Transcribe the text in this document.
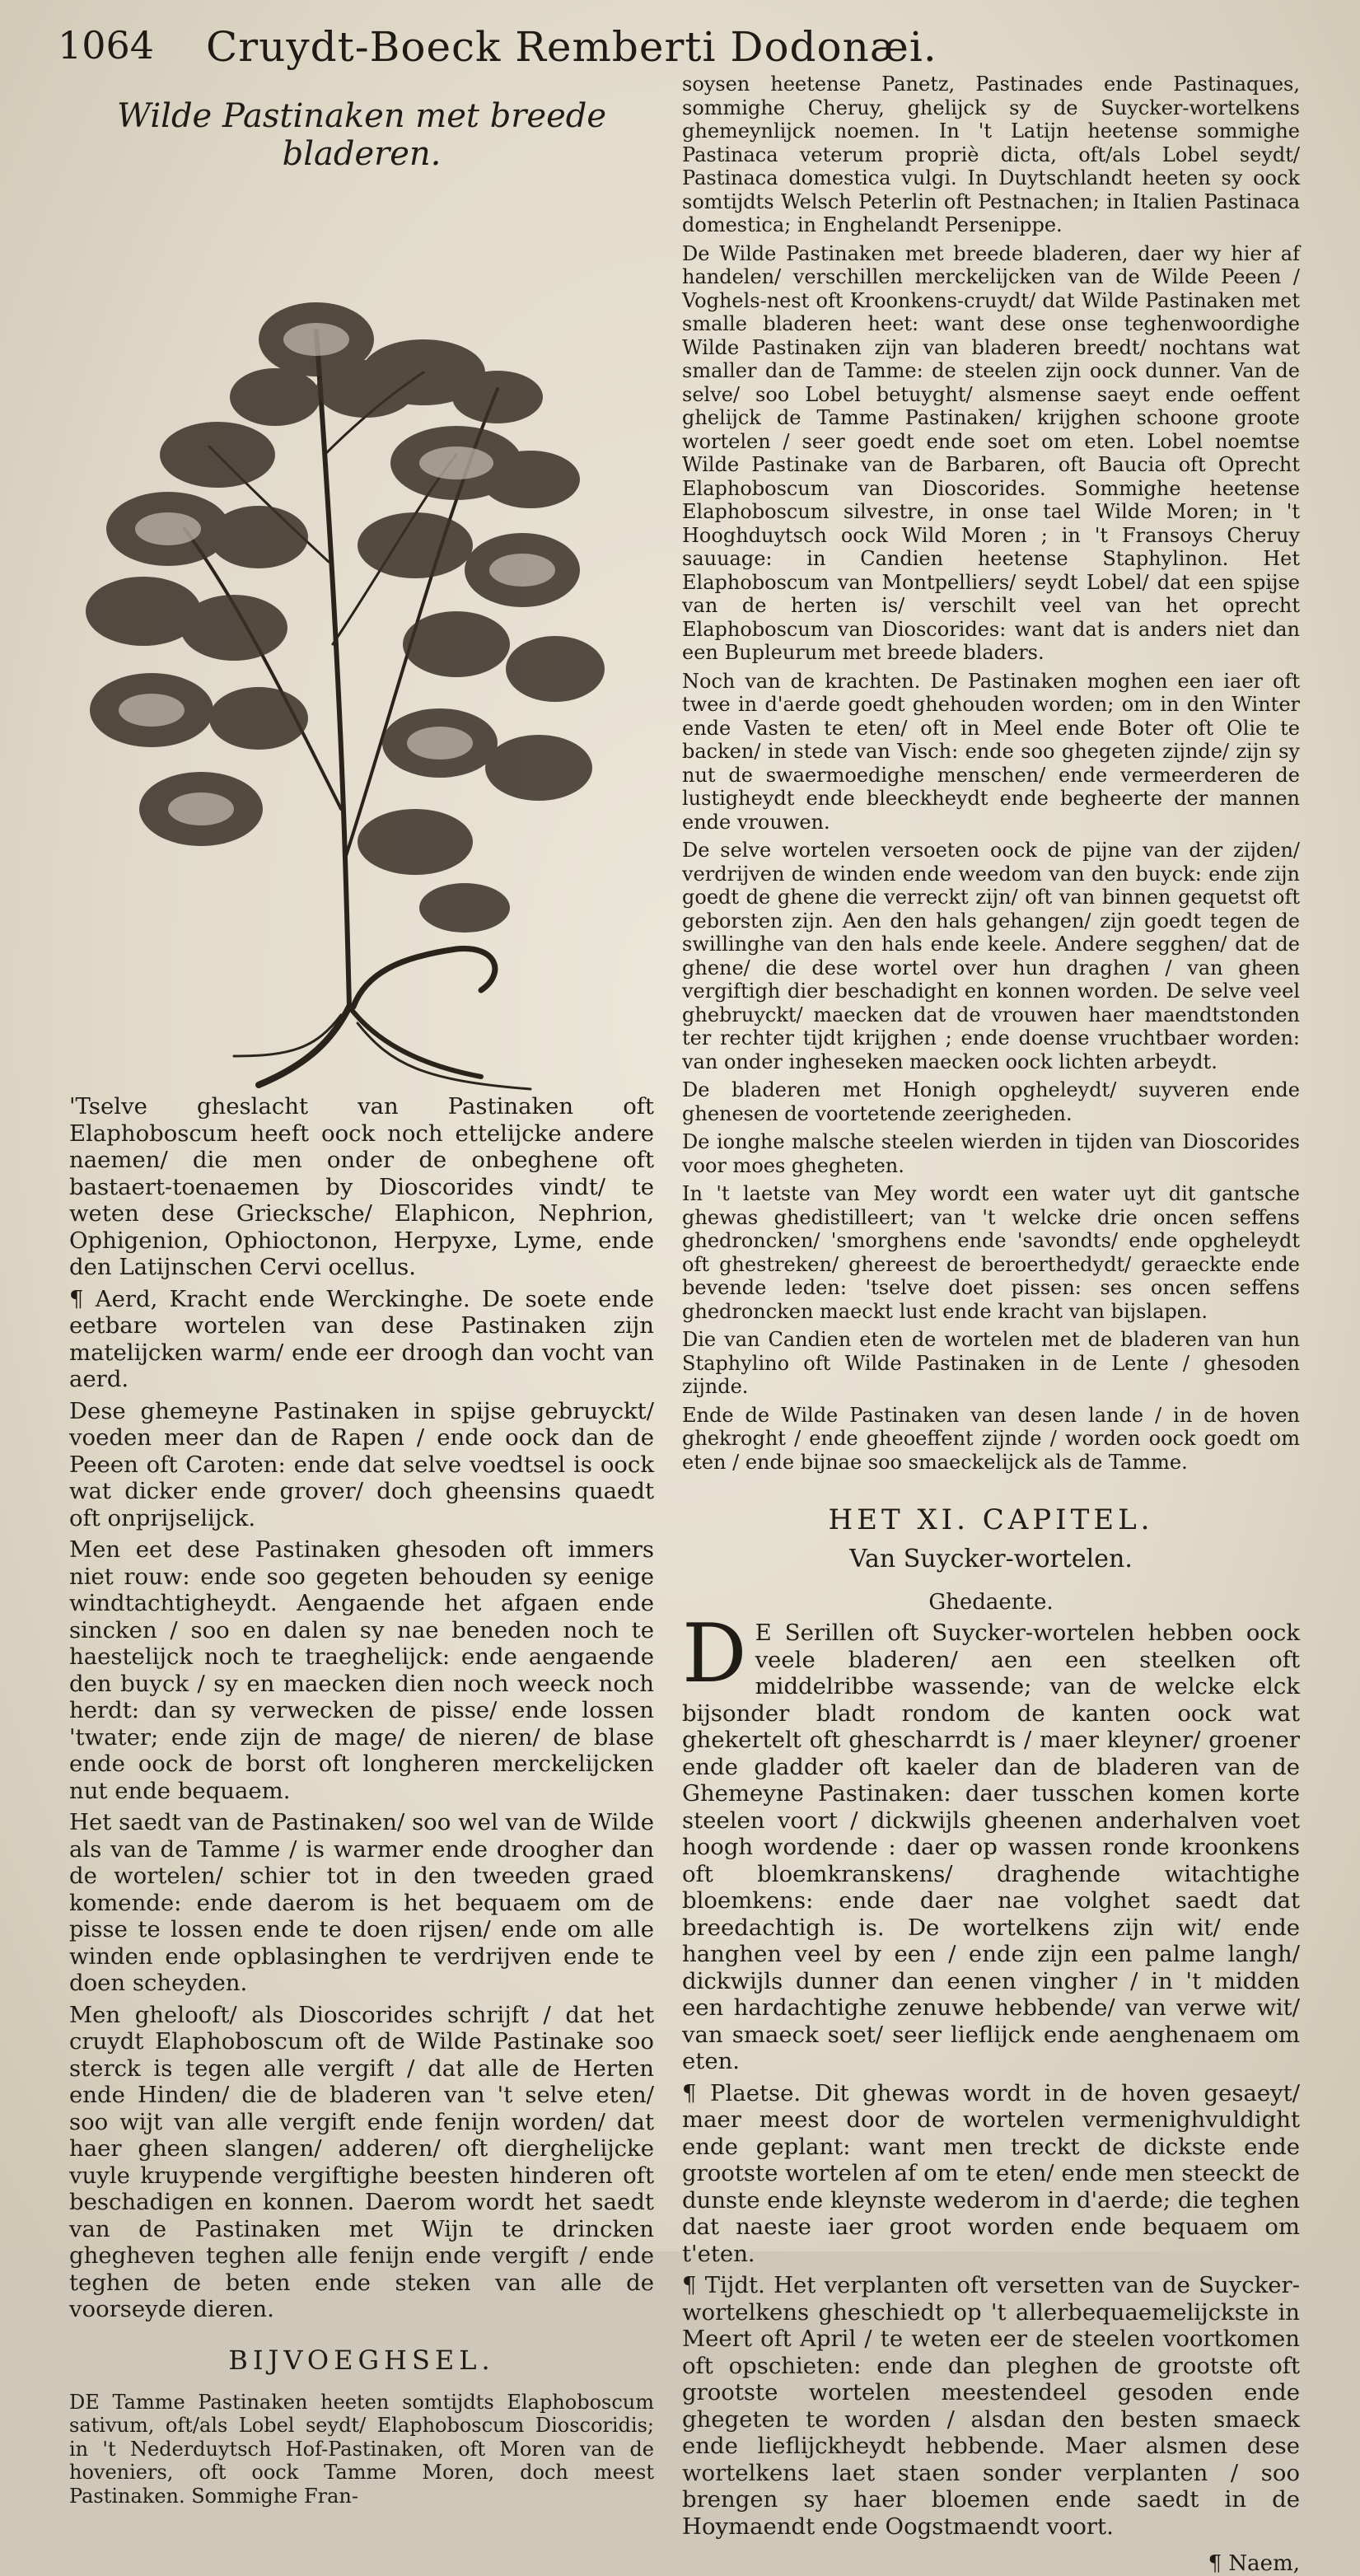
1064 Cruydt-Boeck Remberti Dodonæi.
Wilde Pastinaken met breede bladeren.

'Tselve gheslacht van Pastinaken oft Elaphoboscum heeft oock noch ettelijcke andere naemen/ die men onder de onbeghene oft bastaert-toenaemen by Dioscorides vindt/ te weten dese Griecksche/ Elaphicon, Nephrion, Ophigenion, Ophioctonon, Herpyxe, Lyme, ende den Latijnschen Cervi ocellus.

¶ Aerd, Kracht ende Werckinghe. De soete ende eetbare wortelen van dese Pastinaken zijn matelijcken warm/ ende eer droogh dan vocht van aerd.

Dese ghemeyne Pastinaken in spijse gebruyckt/ voeden meer dan de Rapen / ende oock dan de Peeen oft Caroten: ende dat selve voedtsel is oock wat dicker ende grover/ doch gheensins quaedt oft onprijselijck.

Men eet dese Pastinaken ghesoden oft immers niet rouw: ende soo gegeten behouden sy eenige windtachtigheydt. Aengaende het afgaen ende sincken / soo en dalen sy nae beneden noch te haestelijck noch te traeghelijck: ende aengaende den buyck / sy en maecken dien noch weeck noch herdt: dan sy verwecken de pisse/ ende lossen 'twater; ende zijn de mage/ de nieren/ de blase ende oock de borst oft longheren merckelijcken nut ende bequaem.

Het saedt van de Pastinaken/ soo wel van de Wilde als van de Tamme / is warmer ende droogher dan de wortelen/ schier tot in den tweeden graed komende: ende daerom is het bequaem om de pisse te lossen ende te doen rijsen/ ende om alle winden ende opblasinghen te verdrijven ende te doen scheyden.

Men ghelooft/ als Dioscorides schrijft / dat het cruydt Elaphoboscum oft de Wilde Pastinake soo sterck is tegen alle vergift / dat alle de Herten ende Hinden/ die de bladeren van 't selve eten/ soo wijt van alle vergift ende fenijn worden/ dat haer gheen slangen/ adderen/ oft dierghelijcke vuyle kruypende vergiftighe beesten hinderen oft beschadigen en konnen. Daerom wordt het saedt van de Pastinaken met Wijn te drincken ghegheven teghen alle fenijn ende vergift / ende teghen de beten ende steken van alle de voorseyde dieren.

BIJVOEGHSEL.

DE Tamme Pastinaken heeten somtijdts Elaphoboscum sativum, oft/als Lobel seydt/ Elaphoboscum Dioscoridis; in 't Nederduytsch Hof-Pastinaken, oft Moren van de hoveniers, oft oock Tamme Moren, doch meest Pastinaken. Sommighe Fran-

soysen heetense Panetz, Pastinades ende Pastinaques, sommighe Cheruy, ghelijck sy de Suycker-wortelkens ghemeynlijck noemen. In 't Latijn heetense sommighe Pastinaca veterum propriè dicta, oft/als Lobel seydt/ Pastinaca domestica vulgi. In Duytschlandt heeten sy oock somtijdts Welsch Peterlin oft Pestnachen; in Italien Pastinaca domestica; in Enghelandt Persenippe.

De Wilde Pastinaken met breede bladeren, daer wy hier af handelen/ verschillen merckelijcken van de Wilde Peeen / Voghels-nest oft Kroonkens-cruydt/ dat Wilde Pastinaken met smalle bladeren heet: want dese onse teghenwoordighe Wilde Pastinaken zijn van bladeren breedt/ nochtans wat smaller dan de Tamme: de steelen zijn oock dunner. Van de selve/ soo Lobel betuyght/ alsmense saeyt ende oeffent ghelijck de Tamme Pastinaken/ krijghen schoone groote wortelen / seer goedt ende soet om eten. Lobel noemtse Wilde Pastinake van de Barbaren, oft Baucia oft Oprecht Elaphoboscum van Dioscorides. Sommighe heetense Elaphoboscum silvestre, in onse tael Wilde Moren; in 't Hooghduytsch oock Wild Moren ; in 't Fransoys Cheruy sauuage: in Candien heetense Staphylinon. Het Elaphoboscum van Montpelliers/ seydt Lobel/ dat een spijse van de herten is/ verschilt veel van het oprecht Elaphoboscum van Dioscorides: want dat is anders niet dan een Bupleurum met breede bladers.

Noch van de krachten. De Pastinaken moghen een iaer oft twee in d'aerde goedt ghehouden worden; om in den Winter ende Vasten te eten/ oft in Meel ende Boter oft Olie te backen/ in stede van Visch: ende soo ghegeten zijnde/ zijn sy nut de swaermoedighe menschen/ ende vermeerderen de lustigheydt ende bleeckheydt ende begheerte der mannen ende vrouwen.

De selve wortelen versoeten oock de pijne van der zijden/ verdrijven de winden ende weedom van den buyck: ende zijn goedt de ghene die verreckt zijn/ oft van binnen gequetst oft geborsten zijn. Aen den hals gehangen/ zijn goedt tegen de swillinghe van den hals ende keele. Andere segghen/ dat de ghene/ die dese wortel over hun draghen / van gheen vergiftigh dier beschadight en konnen worden. De selve veel ghebruyckt/ maecken dat de vrouwen haer maendtstonden ter rechter tijdt krijghen ; ende doense vruchtbaer worden: van onder ingheseken maecken oock lichten arbeydt.

De bladeren met Honigh opgheleydt/ suyveren ende ghenesen de voortetende zeerigheden.

De ionghe malsche steelen wierden in tijden van Dioscorides voor moes ghegheten.

In 't laetste van Mey wordt een water uyt dit gantsche ghewas ghedistilleert; van 't welcke drie oncen seffens ghedroncken/ 'smorghens ende 'savondts/ ende opgheleydt oft ghestreken/ ghereest de beroerthedydt/ geraeckte ende bevende leden: 'tselve doet pissen: ses oncen seffens ghedroncken maeckt lust ende kracht van bijslapen.

Die van Candien eten de wortelen met de bladeren van hun Staphylino oft Wilde Pastinaken in de Lente / ghesoden zijnde.

Ende de Wilde Pastinaken van desen lande / in de hoven ghekroght / ende gheoeffent zijnde / worden oock goedt om eten / ende bijnae soo smaeckelijck als de Tamme.

HET XI. CAPITEL.
Van Suycker-wortelen.
Ghedaente.

D E Serillen oft Suycker-wortelen hebben oock veele bladeren/ aen een steelken oft middelribbe wassende; van de welcke elck bijsonder bladt rondom de kanten oock wat ghekertelt oft ghescharrdt is / maer kleyner/ groener ende gladder oft kaeler dan de bladeren van de Ghemeyne Pastinaken: daer tusschen komen korte steelen voort / dickwijls gheenen anderhalven voet hoogh wordende : daer op wassen ronde kroonkens oft bloemkranskens/ draghende witachtighe bloemkens: ende daer nae volghet saedt dat breedachtigh is. De wortelkens zijn wit/ ende hanghen veel by een / ende zijn een palme langh/ dickwijls dunner dan eenen vingher / in 't midden een hardachtighe zenuwe hebbende/ van verwe wit/ van smaeck soet/ seer lieflijck ende aenghenaem om eten.

¶ Plaetse. Dit ghewas wordt in de hoven gesaeyt/ maer meest door de wortelen vermenighvuldight ende geplant: want men treckt de dickste ende grootste wortelen af om te eten/ ende men steeckt de dunste ende kleynste wederom in d'aerde; die teghen dat naeste iaer groot worden ende bequaem om t'eten.

¶ Tijdt. Het verplanten oft versetten van de Suycker-wortelkens gheschiedt op 't allerbequaemelijckste in Meert oft April / te weten eer de steelen voortkomen oft opschieten: ende dan pleghen de grootste oft grootste wortelen meestendeel gesoden ende ghegeten te worden / alsdan den besten smaeck ende lieflijckheydt hebbende. Maer alsmen dese wortelkens laet staen sonder verplanten / soo brengen sy haer bloemen ende saedt in de Hoymaendt ende Oogstmaendt voort.

¶ Naem,
